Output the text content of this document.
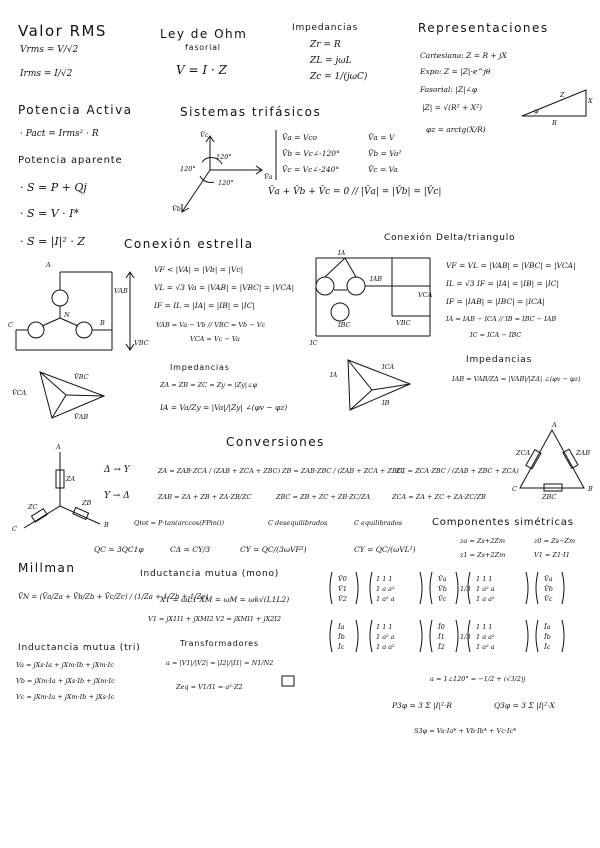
Valor RMS
Vrms = V/√2
Irms = I/√2
Ley de Ohm
fasorial
V = I · Z
Impedancias
Zr = R
ZL = jωL
Zc = 1/(jωC)
Representaciones
Cartesiana: Z = R + jX
Expo: Z = |Z|·e^jθ
Fasorial: |Z|∠φ
|Z| = √(R² + X²)
φz = arctg(X/R)
Z
X
R
φ
Potencia Activa
· Pact = Irms² · R
Potencia aparente
· S = P + Qj
· S = V · I*
· S = |I|² · Z
Sistemas trifásicos
V̄c
V̄a
V̄b
120°
120°
120°
V̄a = Vco
V̄b = Vc∠-120°
V̄c = Vc∠-240°
V̄a = V
V̄b = Va²
V̄c = Va
V̄a + V̄b + V̄c = 0 // |V̄a| = |V̄b| = |V̄c|
Conexión estrella
A
C	B
N
VAB
VBC
VF < |VA| = |Vb| = |Vc|
VL = √3 Va = |VAB| = |VBC| = |VCA|
IF = IL = |IA| = |IB| = |IC|
VAB = Va − Vb // VBC = Vb − Vc
VCA = Vc − Va
V̄CA
V̄BC
V̄AB
Impedancias
ZA = ZB = ZC = Zy = |Zy|∠φ
IA = Va/Zy = |Va|/|Zy| ∠(φv − φz)
Conexión Delta/triangulo
IA
IAB
IBC	VBC
VCA
IC
VF = VL = |VAB| = |VBC| = |VCA|
IL = √3 IF = |IA| = |IB| = |IC|
IF = |IAB| = |IBC| = |ICA|
IA = IAB − ICA // IB = IBC − IAB
IC = ICA − IBC
IA
ICA
IB
Impedancias
IAB = VAB/ZΔ = |VAB|/|ZΔ| ∠(φv − φz)
Conversiones
A
C	B
ZA
ZC	ZB
Δ → Y
Y → Δ
ZA = ZAB·ZCA / (ZAB + ZCA + ZBC) ZB = ZAB·ZBC / (ZAB + ZCA + ZBC)
ZC = ZCA·ZBC / (ZAB + ZBC + ZCA)
ZAB = ZA + ZB + ZA·ZB/ZC	ZBC = ZB + ZC + ZB·ZC/ZA	ZCA = ZA + ZC + ZA·ZC/ZB
A
C	B
ZCA	ZAB
ZBC
Qtot = P·tan(arccos(FPini))	C desequilibrados	C equilibrados	Componentes simétricas
QC = 3QC1φ	CΔ = CY/3	CY = QC/(3ωVF²)	CY = QC/(ωVL²)
za = Zs+2Zm	z0 = Zs−Zm
z1 = Zs+2Zm	V1 = Z1·I1
Millman
V̄N = (V̄a/Za + V̄b/Zb + V̄c/Zc) / (1/Za + 1/Zb + 1/Zc)
Inductancia mutua (mono)
X1 = ωL1 XM = ωM = ωk√(L1L2)
V1 = jX1I1 + jXMI2 V2 = jXMI1 + jX2I2
V̄0
V̄1
V̄2
1 1 1
1 a a²
1 a² a
V̄a
V̄b
V̄c
1/3
1 1 1
1 a² a
1 a a²
V̄a
V̄b
V̄c
Īa
Īb
Īc
1 1 1
1 a² a
1 a a²
Ī0
Ī1
Ī2
1/3
1 1 1
1 a a²
1 a² a
Īa
Īb
Īc
Inductancia mutua (tri)
Va = jXs·Ia + jXm·Ib + jXm·Ic
Vb = jXm·Ia + jXs·Ib + jXm·Ic
Vc = jXm·Ia + jXm·Ib + jXs·Ic
Transformadores
a = |V1|/|V2| = |I2|/|I1| = N1/N2
Zeq = V1/I1 = a²·Z2
a = 1∠120° = −1/2 + (√3/2)j
P3φ = 3 Σ |I|²·R	Q3φ = 3 Σ |I|²·X
S3φ = Va·Ia* + Vb·Ib* + Vc·Ic*
